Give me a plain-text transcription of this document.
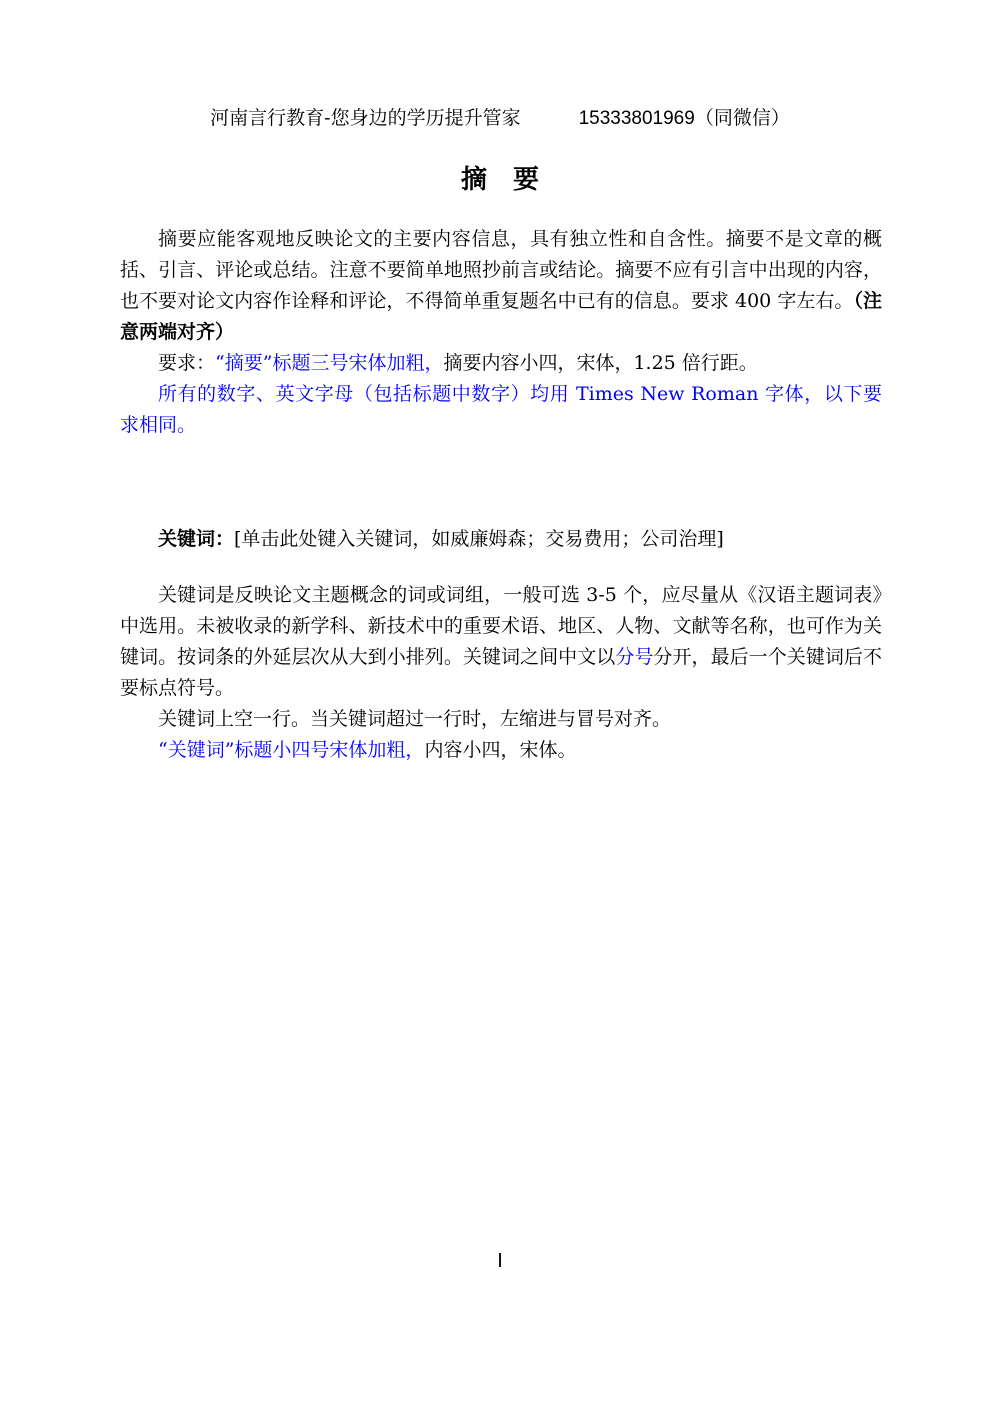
河南言行教育-您身边的学历提升管家	15333801969（同微信）
摘要

摘要应能客观地反映论文的主要内容信息，具有独立性和自含性。摘要不是文章的概括、引言、评论或总结。注意不要简单地照抄前言或结论。摘要不应有引言中出现的内容，也不要对论文内容作诠释和评论，不得简单重复题名中已有的信息。要求 400 字左右。（注意两端对齐）

要求：“摘要”标题三号宋体加粗，摘要内容小四，宋体，1.25 倍行距。

所有的数字、英文字母（包括标题中数字）均用 Times New Roman 字体，以下要求相同。

关键词：[单击此处键入关键词，如威廉姆森；交易费用；公司治理]

关键词是反映论文主题概念的词或词组，一般可选 3-5 个，应尽量从《汉语主题词表》中选用。未被收录的新学科、新技术中的重要术语、地区、人物、文献等名称，也可作为关键词。按词条的外延层次从大到小排列。关键词之间中文以分号分开，最后一个关键词后不要标点符号。

关键词上空一行。当关键词超过一行时，左缩进与冒号对齐。

“关键词”标题小四号宋体加粗，内容小四，宋体。

I
